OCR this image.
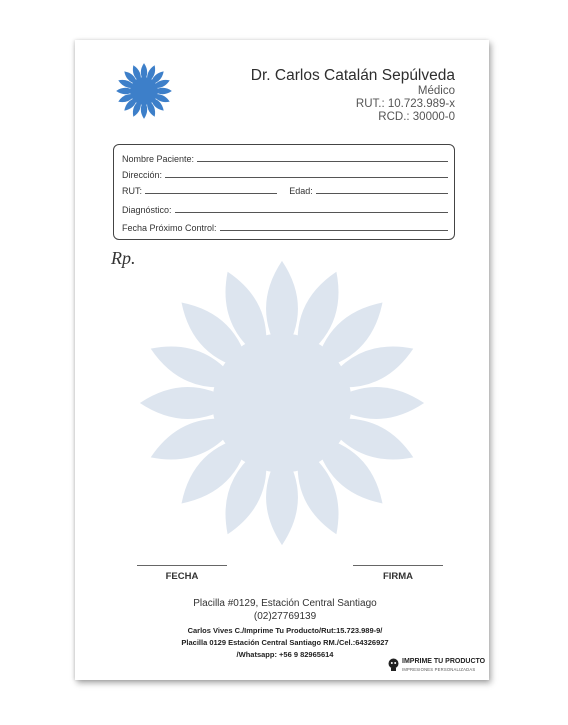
Dr. Carlos Catalán Sepúlveda
Médico
RUT.: 10.723.989-x
RCD.: 30000-0
Nombre Paciente:
Dirección:
RUT:	Edad:
Diagnóstico:
Fecha Próximo Control:
Rp.
FECHA	FIRMA
Placilla #0129, Estación Central Santiago
(02)27769139
Carlos Vives C./Imprime Tu Producto/Rut:15.723.989-9/
Placilla 0129 Estación Central Santiago RM./Cel.:64326927
/Whatsapp: +56 9 82965614
IMPRIME TU PRODUCTO
IMPRESIONES PERSONALIZADAS
